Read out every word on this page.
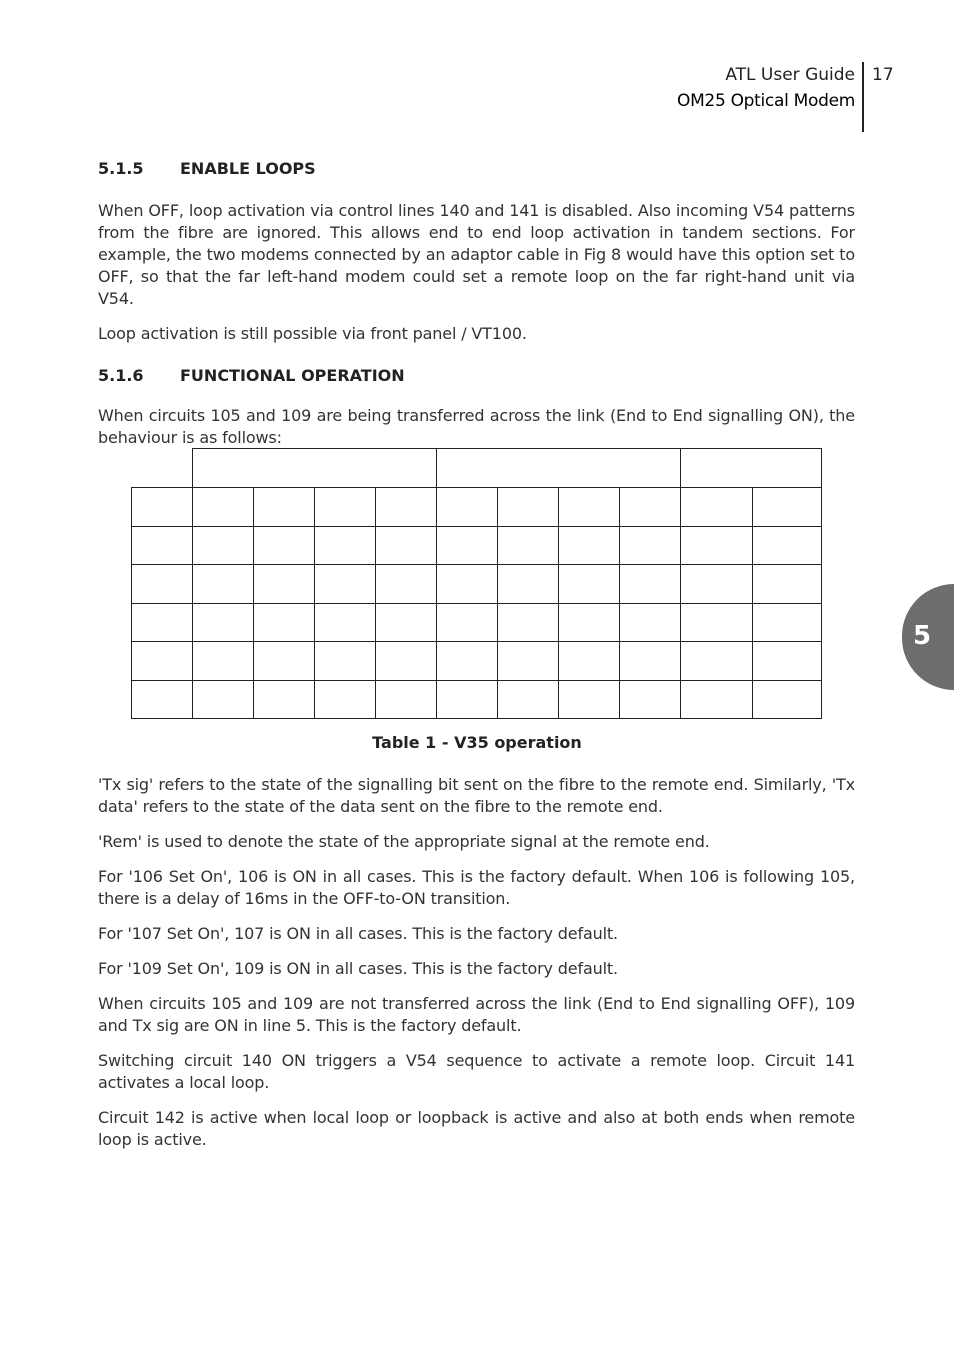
ATL User Guide
OM25 Optical Modem
17
5.1.5	ENABLE LOOPS

When OFF, loop activation via control lines 140 and 141 is disabled. Also incoming V54 patterns from the fibre are ignored. This allows end to end loop activation in tandem sections. For example, the two modems connected by an adaptor cable in Fig 8 would have this option set to OFF, so that the far left-hand modem could set a remote loop on the far right-hand unit via V54.

Loop activation is still possible via front panel / VT100.

5.1.6	FUNCTIONAL OPERATION

When circuits 105 and 109 are being transferred across the link (End to End signalling ON), the behaviour is as follows:

Table 1 - V35 operation

'Tx sig' refers to the state of the signalling bit sent on the fibre to the remote end. Similarly, 'Tx data' refers to the state of the data sent on the fibre to the remote end.

'Rem' is used to denote the state of the appropriate signal at the remote end.

For '106 Set On', 106 is ON in all cases. This is the factory default. When 106 is following 105, there is a delay of 16ms in the OFF-to-ON transition.

For '107 Set On', 107 is ON in all cases. This is the factory default.

For '109 Set On', 109 is ON in all cases. This is the factory default.

When circuits 105 and 109 are not transferred across the link (End to End signalling OFF), 109 and Tx sig are ON in line 5. This is the factory default.

Switching circuit 140 ON triggers a V54 sequence to activate a remote loop. Circuit 141 activates a local loop.

Circuit 142 is active when local loop or loopback is active and also at both ends when remote loop is active.

5
